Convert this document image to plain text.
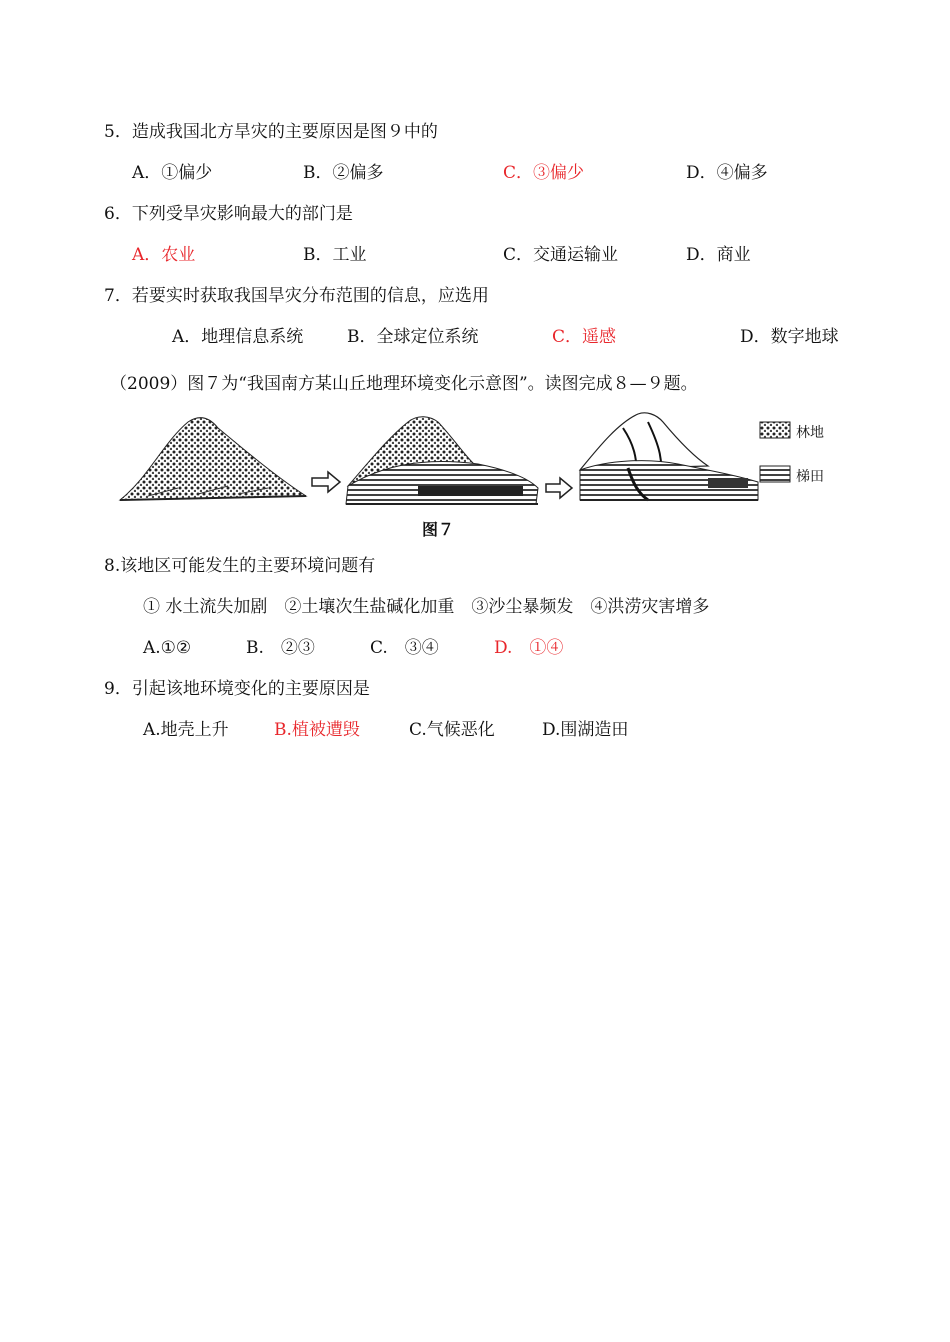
5．造成我国北方旱灾的主要原因是图９中的
A．①偏少	B．②偏多	C．③偏少	D．④偏多
6．下列受旱灾影响最大的部门是
A．农业	B．工业	C．交通运输业	D．商业
7．若要实时获取我国旱灾分布范围的信息，应选用
A．地理信息系统	B．全球定位系统	C．遥感	D．数字地球
（2009）图７为“我国南方某山丘地理环境变化示意图”。读图完成８—９题。
林地
梯田
图７
8.该地区可能发生的主要环境问题有
① 水土流失加剧　②土壤次生盐碱化加重　③沙尘暴频发　④洪涝灾害增多
A.①②	B.　②③	C.　③④	D.　①④
9．引起该地环境变化的主要原因是
A.地壳上升	B.植被遭毁	C.气候恶化	D.围湖造田
